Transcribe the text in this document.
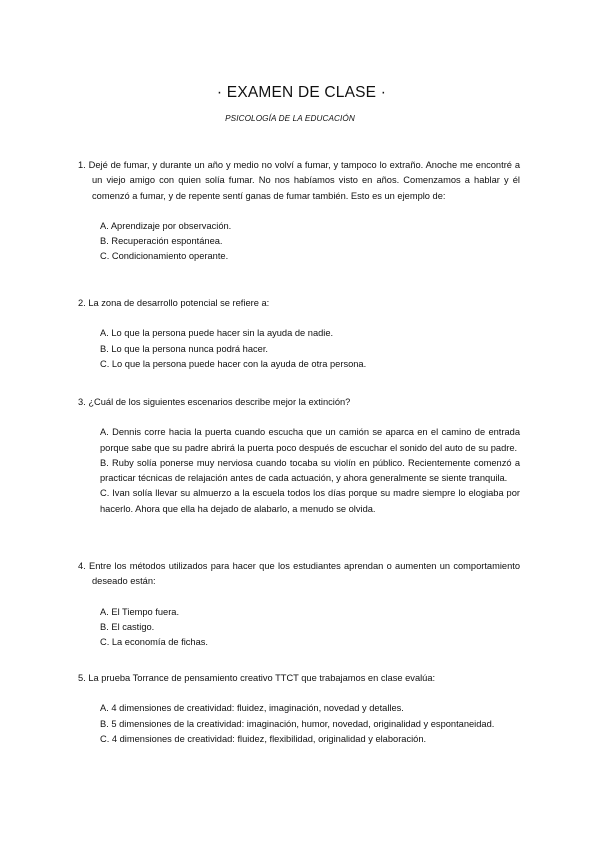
· EXAMEN DE CLASE ·
PSICOLOGÍA DE LA EDUCACIÓN

1. Dejé de fumar, y durante un año y medio no volví a fumar, y tampoco lo extraño. Anoche me encontré a un viejo amigo con quien solía fumar. No nos habíamos visto en años. Comenzamos a hablar y él comenzó a fumar, y de repente sentí ganas de fumar también. Esto es un ejemplo de:

A. Aprendizaje por observación.
B. Recuperación espontánea.
C. Condicionamiento operante.

2. La zona de desarrollo potencial se refiere a:

A. Lo que la persona puede hacer sin la ayuda de nadie.
B. Lo que la persona nunca podrá hacer.
C. Lo que la persona puede hacer con la ayuda de otra persona.

3. ¿Cuál de los siguientes escenarios describe mejor la extinción?

A. Dennis corre hacia la puerta cuando escucha que un camión se aparca en el camino de entrada porque sabe que su padre abrirá la puerta poco después de escuchar el sonido del auto de su padre.
B. Ruby solía ponerse muy nerviosa cuando tocaba su violín en público. Recientemente comenzó a practicar técnicas de relajación antes de cada actuación, y ahora generalmente se siente tranquila.
C. Ivan solía llevar su almuerzo a la escuela todos los días porque su madre siempre lo elogiaba por hacerlo. Ahora que ella ha dejado de alabarlo, a menudo se olvida.

4. Entre los métodos utilizados para hacer que los estudiantes aprendan o aumenten un comportamiento deseado están:

A. El Tiempo fuera.
B. El castigo.
C. La economía de fichas.

5. La prueba Torrance de pensamiento creativo TTCT que trabajamos en clase evalúa:

A. 4 dimensiones de creatividad: fluidez, imaginación, novedad y detalles.
B. 5 dimensiones de la creatividad: imaginación, humor, novedad, originalidad y espontaneidad.
C. 4 dimensiones de creatividad: fluidez, flexibilidad, originalidad y elaboración.
